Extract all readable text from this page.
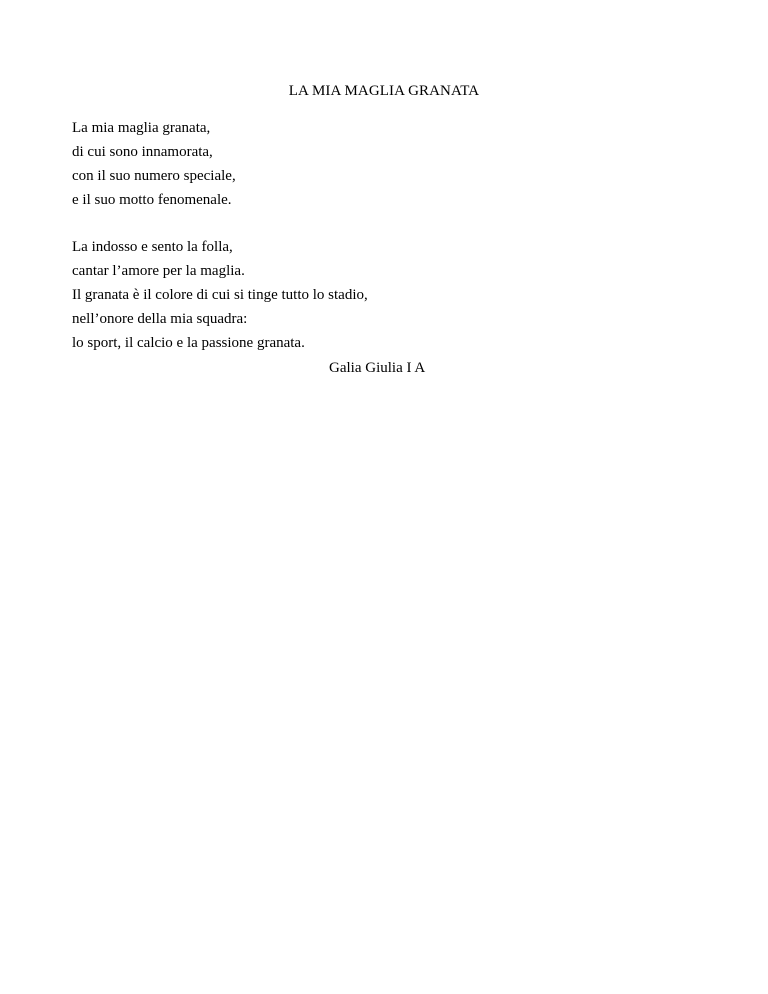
LA MIA MAGLIA GRANATA
La mia maglia granata,
di cui sono innamorata,
con il suo numero speciale,
e il suo motto fenomenale.
La indosso e sento la folla,
cantar l’amore per la maglia.
Il granata è il colore di cui si tinge tutto lo stadio,
nell’onore della mia squadra:
lo sport, il calcio e la passione granata.
Galia Giulia I A
